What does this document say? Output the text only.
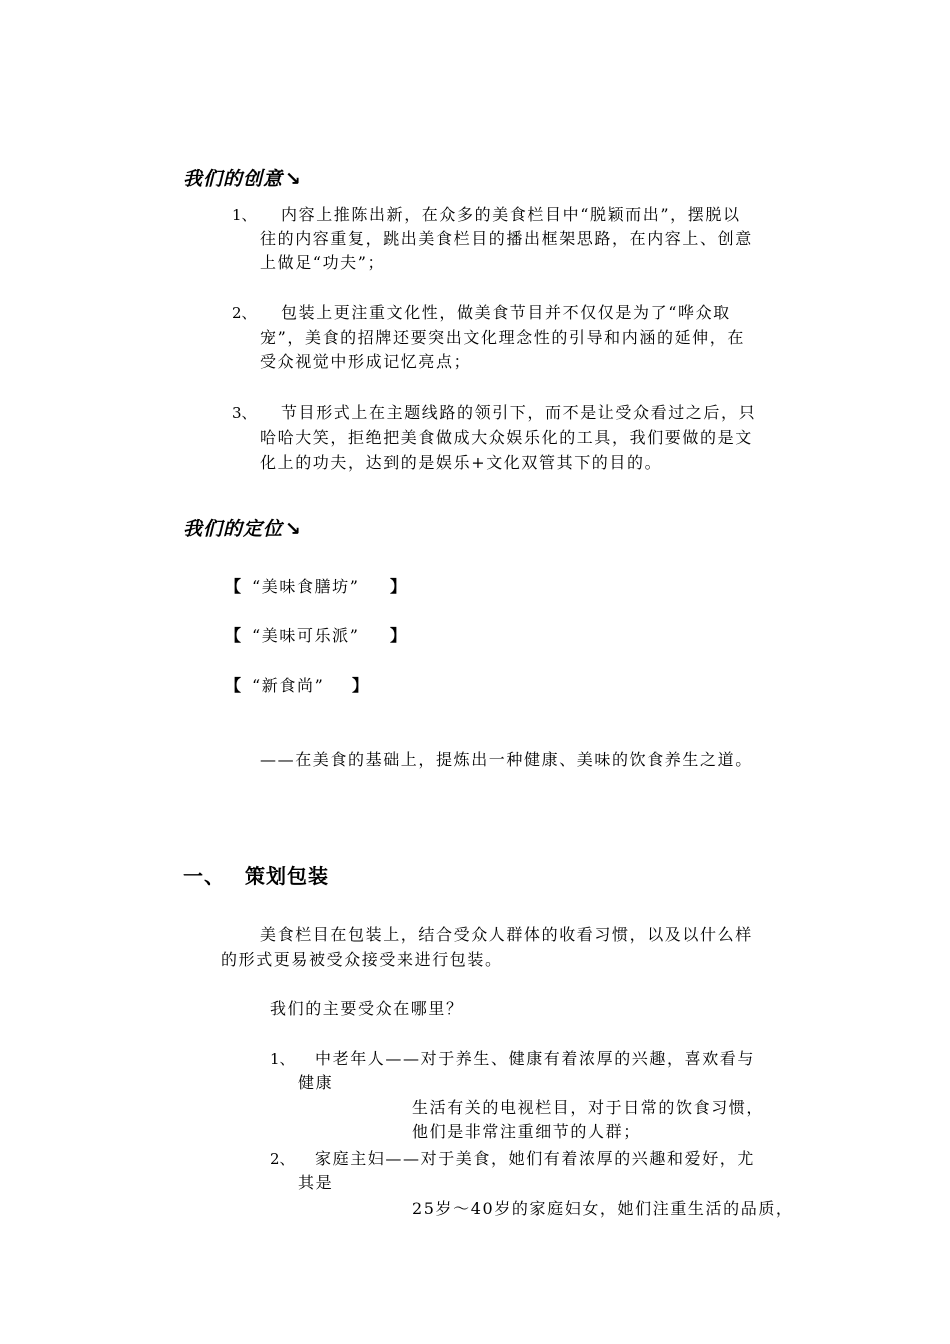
我们的创意 ↘
1、 内容上推陈出新，在众多的美食栏目中“脱颖而出”，摆脱以
往的内容重复，跳出美食栏目的播出框架思路，在内容上、创意
上做足“功夫”；
2、 包装上更注重文化性，做美食节目并不仅仅是为了“哗众取
宠”，美食的招牌还要突出文化理念性的引导和内涵的延伸，在
受众视觉中形成记忆亮点；
3、 节目形式上在主题线路的领引下，而不是让受众看过之后，只
哈哈大笑，拒绝把美食做成大众娱乐化的工具，我们要做的是文
化上的功夫，达到的是娱乐+文化双管其下的目的。
我们的定位 ↘
【 “美味食膳坊” 】
【 “美味可乐派” 】
【 “新食尚” 】
——在美食的基础上，提炼出一种健康、美味的饮食养生之道。
一、 策划包装
美食栏目在包装上，结合受众人群体的收看习惯，以及以什么样
的形式更易被受众接受来进行包装。
我们的主要受众在哪里？
1、 中老年人——对于养生、健康有着浓厚的兴趣，喜欢看与
健康
生活有关的电视栏目，对于日常的饮食习惯，
他们是非常注重细节的人群；
2、 家庭主妇——对于美食，她们有着浓厚的兴趣和爱好，尤
其是
25岁～40岁的家庭妇女，她们注重生活的品质，
